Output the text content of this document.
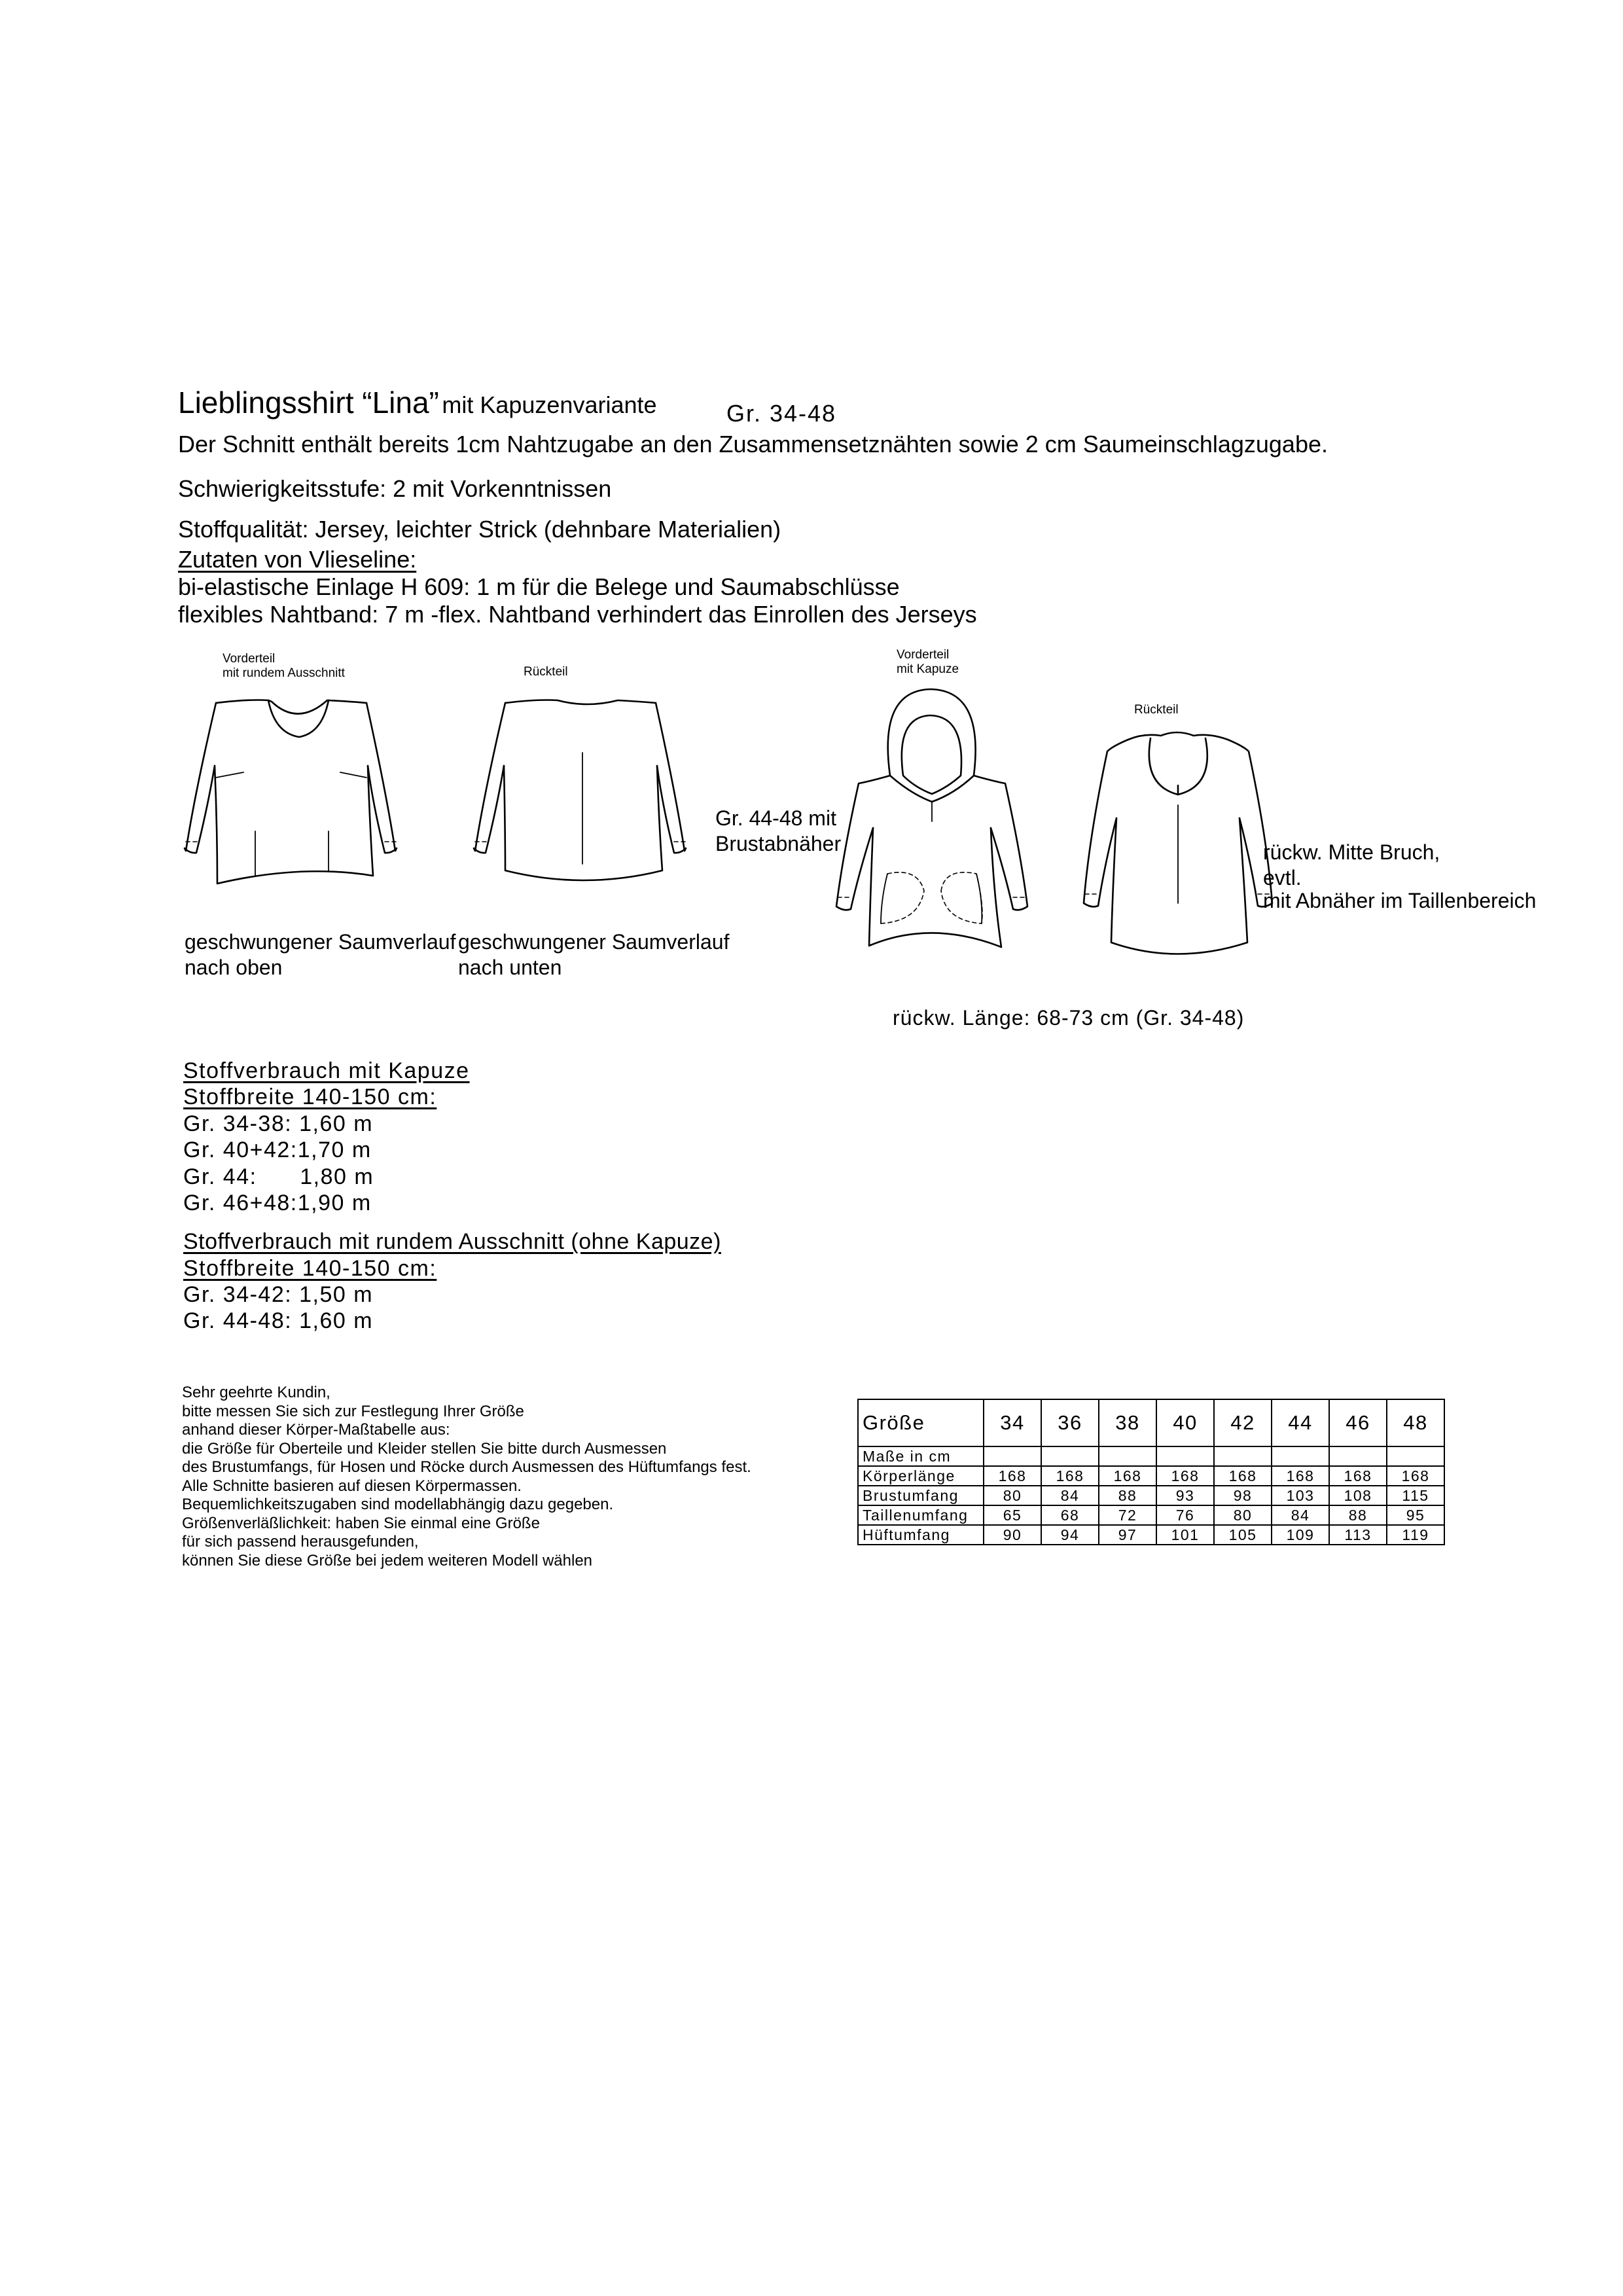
Lieblingsshirt “Lina” mit Kapuzenvariante	Gr. 34-48
Der Schnitt enthält bereits 1cm Nahtzugabe an den Zusammensetznähten sowie 2 cm Saumeinschlagzugabe.
Schwierigkeitsstufe: 2 mit Vorkenntnissen
Stoffqualität: Jersey, leichter Strick (dehnbare Materialien)
Zutaten von Vlieseline:
bi-elastische Einlage H 609: 1 m für die Belege und Saumabschlüsse
flexibles Nahtband: 7 m -flex. Nahtband verhindert das Einrollen des Jerseys
Vorderteil
mit rundem Ausschnitt	Rückteil
Vorderteil
mit Kapuze
Rückteil
geschwungener Saumverlauf
nach oben
geschwungener Saumverlauf
nach unten
Gr. 44-48 mit
Brustabnäher	rückw. Mitte Bruch,
evtl.
mit Abnäher im Taillenbereich
rückw. Länge: 68-73 cm (Gr. 34-48)
Stoffverbrauch mit Kapuze
Stoffbreite 140-150 cm:
Gr. 34-38: 1,60 m
Gr. 40+42:1,70 m
Gr. 44:      1,80 m
Gr. 46+48:1,90 m
Stoffverbrauch mit rundem Ausschnitt (ohne Kapuze)
Stoffbreite 140-150 cm:
Gr. 34-42: 1,50 m
Gr. 44-48: 1,60 m
Sehr geehrte Kundin,
bitte messen Sie sich zur Festlegung Ihrer Größe
anhand dieser Körper-Maßtabelle aus:
die Größe für Oberteile und Kleider stellen Sie bitte durch Ausmessen
des Brustumfangs, für Hosen und Röcke durch Ausmessen des Hüftumfangs fest.
Alle Schnitte basieren auf diesen Körpermassen.
Bequemlichkeitszugaben sind modellabhängig dazu gegeben.
Größenverläßlichkeit: haben Sie einmal eine Größe
für sich passend herausgefunden,
können Sie diese Größe bei jedem weiteren Modell wählen
Größe	34	36	38	40	42	44	46	48
Maße in cm								
Körperlänge	168	168	168	168	168	168	168	168
Brustumfang	80	84	88	93	98	103	108	115
Taillenumfang	65	68	72	76	80	84	88	95
Hüftumfang	90	94	97	101	105	109	113	119
